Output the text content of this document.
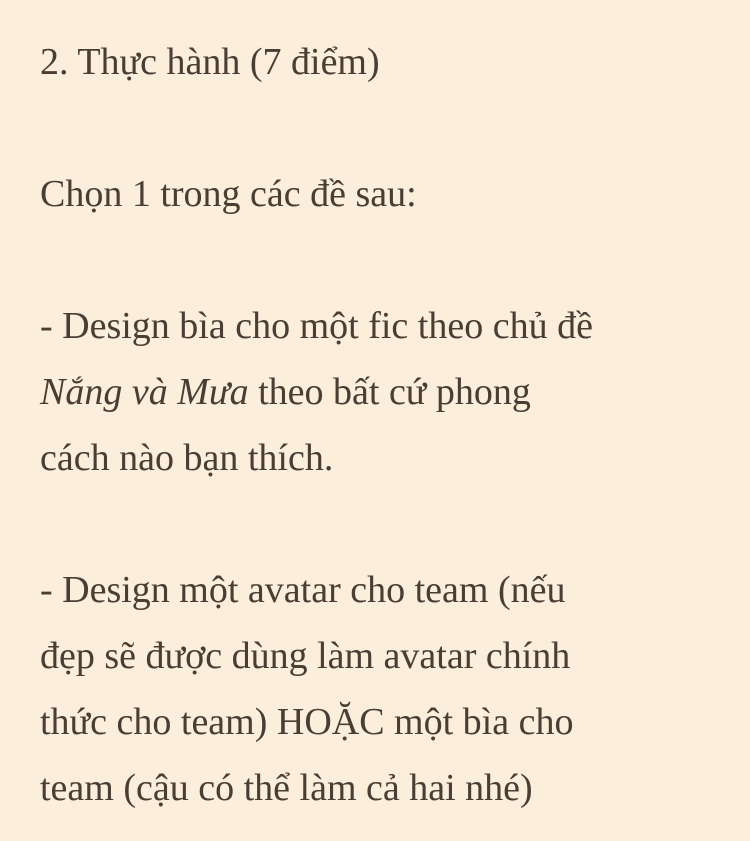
2. Thực hành (7 điểm)
Chọn 1 trong các đề sau:
- Design bìa cho một fic theo chủ đề
Nắng và Mưa theo bất cứ phong
cách nào bạn thích.
- Design một avatar cho team (nếu
đẹp sẽ được dùng làm avatar chính
thức cho team) HOẶC một bìa cho
team (cậu có thể làm cả hai nhé)
